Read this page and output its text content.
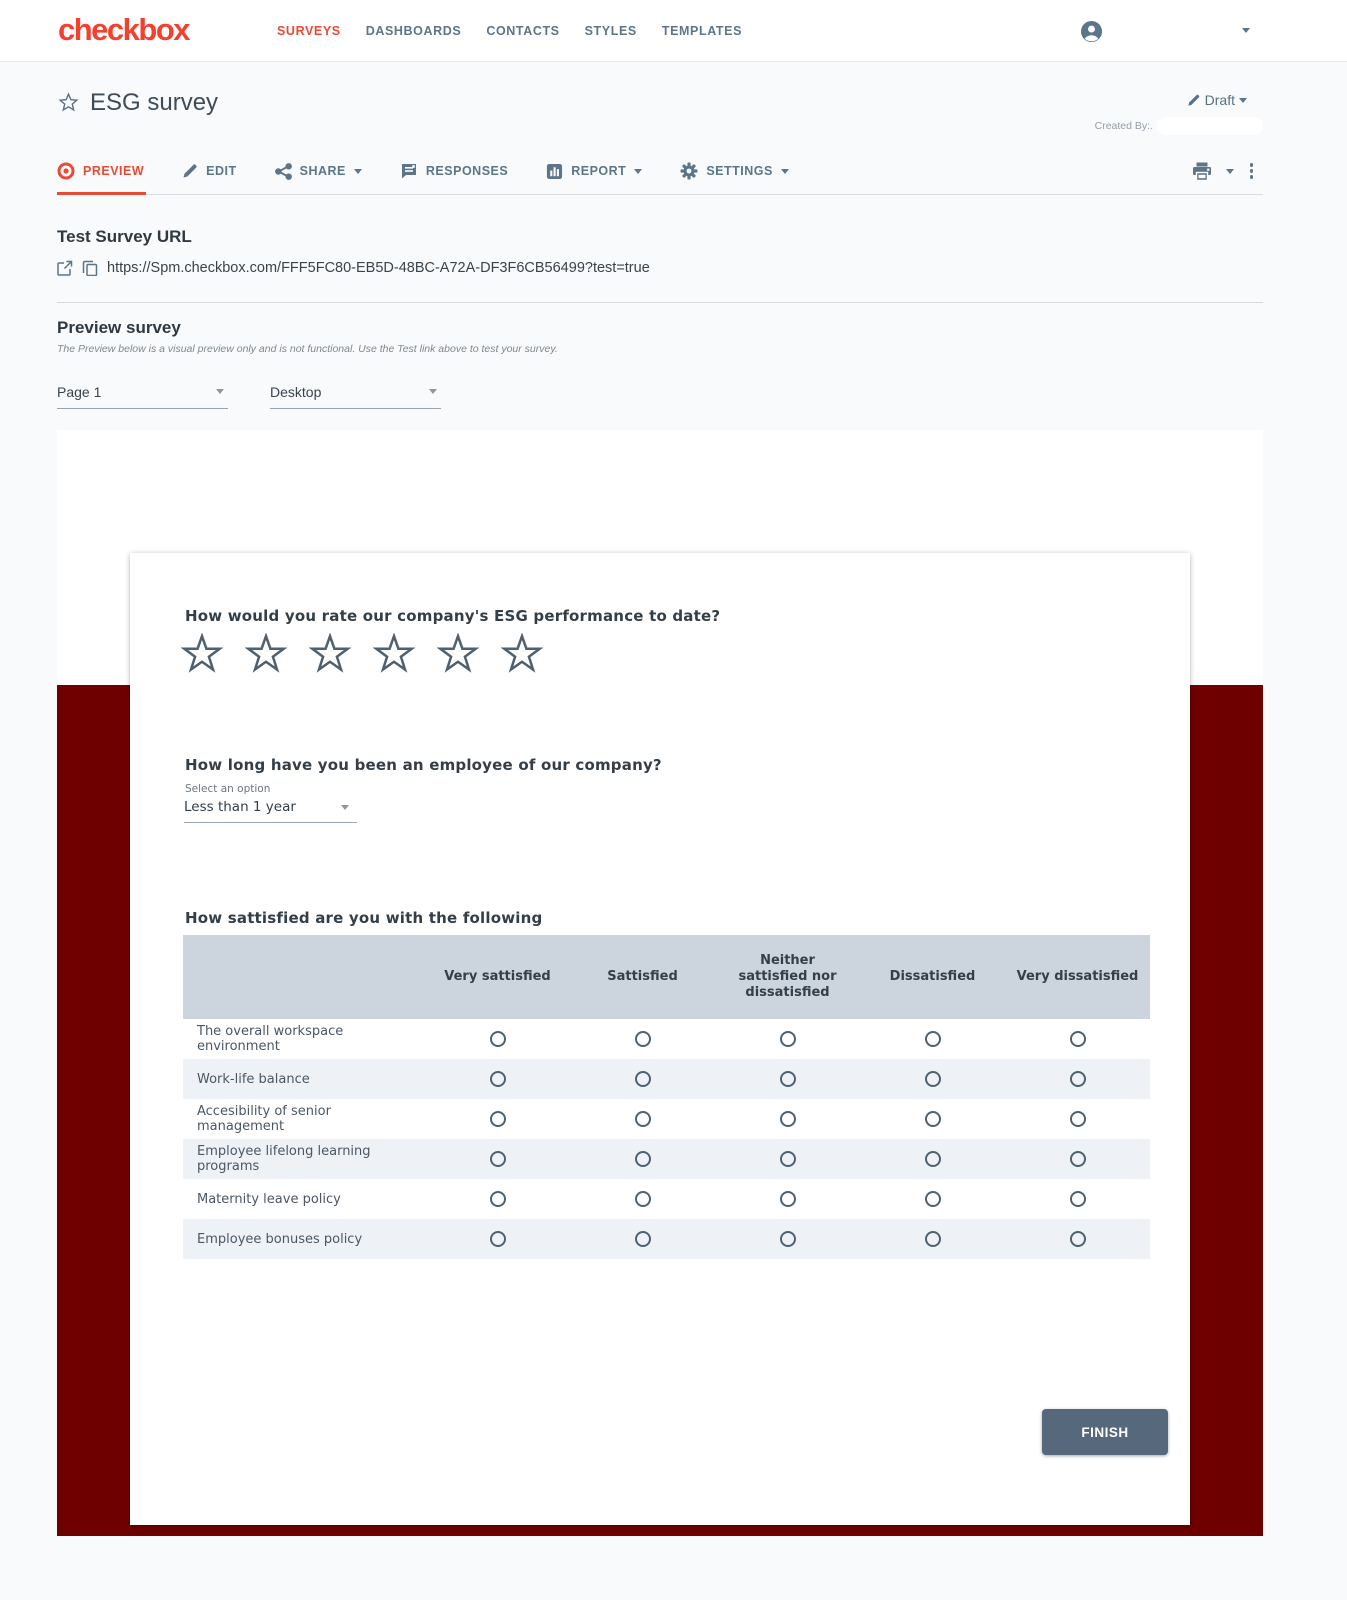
checkbox	SURVEYS DASHBOARDS CONTACTS STYLES TEMPLATES
ESG survey	Draft
Created By:.
PREVIEW	EDIT	SHARE	RESPONSES	REPORT	SETTINGS
Test Survey URL
https://Spm.checkbox.com/FFF5FC80-EB5D-48BC-A72A-DF3F6CB56499?test=true
Preview survey
The Preview below is a visual preview only and is not functional. Use the Test link above to test your survey.
Page 1	Desktop
How would you rate our company's ESG performance to date?
How long have you been an employee of our company?
Select an option
Less than 1 year
How sattisfied are you with the following
	Very sattisfied	Sattisfied	Neither sattisfied nor dissatisfied	Dissatisfied	Very dissatisfied
The overall workspace environment	

Work-life balance	

Accesibility of senior management	

Employee lifelong learning programs	

Maternity leave policy	

Employee bonuses policy	

FINISH
